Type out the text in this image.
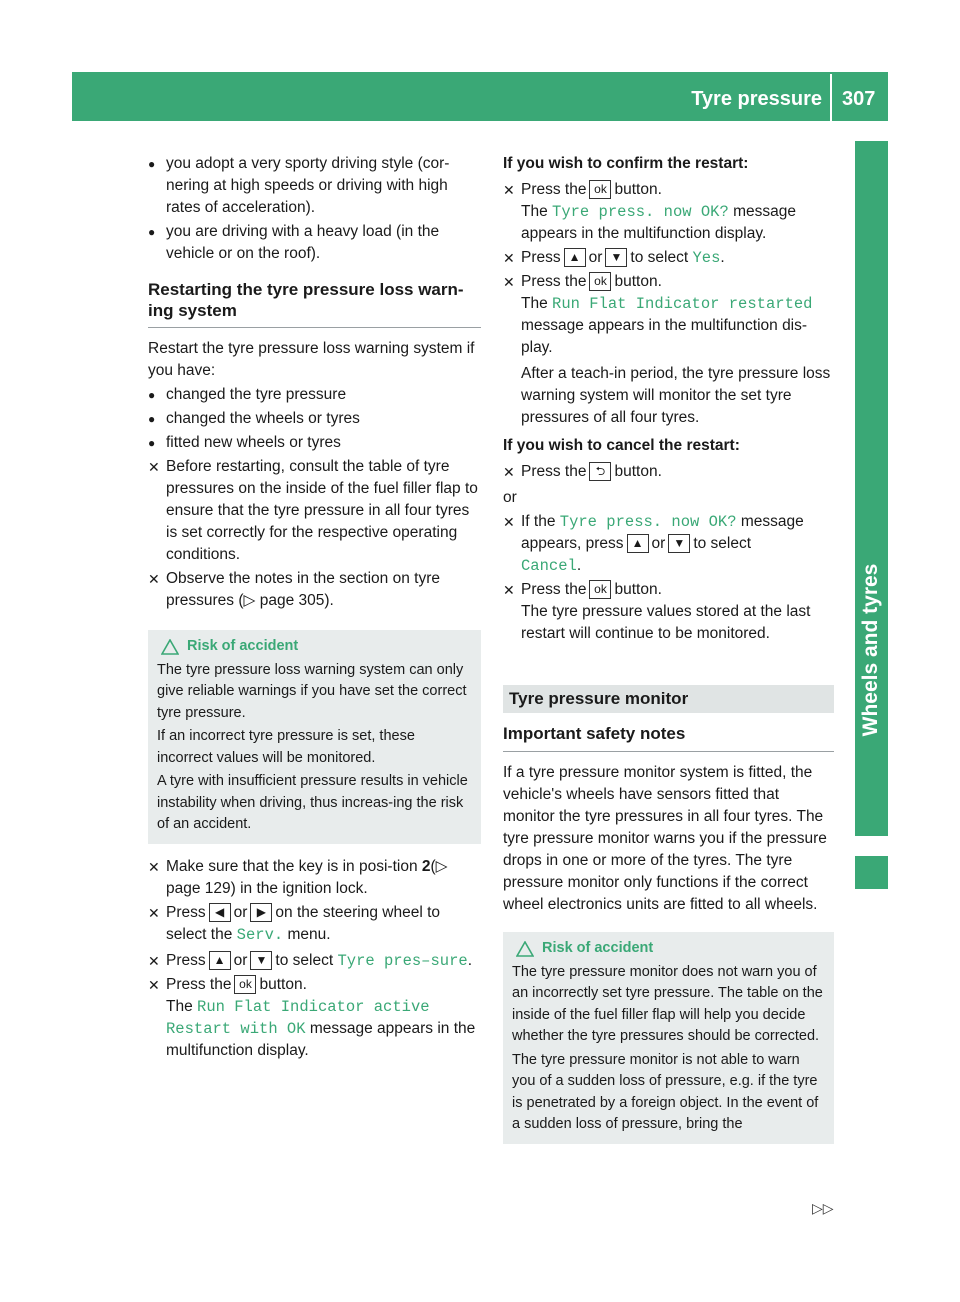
Tyre pressure 307
Wheels and tyres
● you adopt a very sporty driving style (cor-nering at high speeds or driving with high rates of acceleration).
● you are driving with a heavy load (in the vehicle or on the roof).
Restarting the tyre pressure loss warn-ing system

Restart the tyre pressure loss warning system if you have:

● changed the tyre pressure
● changed the wheels or tyres
● fitted new wheels or tyres
✕ Before restarting, consult the table of tyre pressures on the inside of the fuel filler flap to ensure that the tyre pressure in all four tyres is set correctly for the respective operating conditions.
✕ Observe the notes in the section on tyre pressures (▷ page 305).
Risk of accident
The tyre pressure loss warning system can only give reliable warnings if you have set the correct tyre pressure.
If an incorrect tyre pressure is set, these incorrect values will be monitored.
A tyre with insufficient pressure results in vehicle instability when driving, thus increas-ing the risk of an accident.
✕ Make sure that the key is in posi-tion 2(▷ page 129) in the ignition lock.
✕ Press ◀ or ▶ on the steering wheel to select the Serv. menu.
✕ Press ▲ or ▼ to select Tyre pres–sure.
✕ Press the ok button.
The Run Flat Indicator active Restart with OK message appears in the multifunction display.
If you wish to confirm the restart:
✕ Press the ok button.
The Tyre press. now OK? message appears in the multifunction display.
✕ Press ▲ or ▼ to select Yes.
✕ Press the ok button.
The Run Flat Indicator restarted message appears in the multifunction dis-play.
After a teach-in period, the tyre pressure loss warning system will monitor the set tyre pressures of all four tyres.
If you wish to cancel the restart:
✕ Press the ⮌ button.
or
✕ If the Tyre press. now OK? message appears, press ▲ or ▼ to select
Cancel.
✕ Press the ok button.
The tyre pressure values stored at the last restart will continue to be monitored.
Tyre pressure monitor
Important safety notes

If a tyre pressure monitor system is fitted, the vehicle's wheels have sensors fitted that monitor the tyre pressures in all four tyres. The tyre pressure monitor warns you if the pressure drops in one or more of the tyres. The tyre pressure monitor only functions if the correct wheel electronics units are fitted to all wheels.

Risk of accident
The tyre pressure monitor does not warn you of an incorrectly set tyre pressure. The table on the inside of the fuel filler flap will help you decide whether the tyre pressures should be corrected.
The tyre pressure monitor is not able to warn you of a sudden loss of pressure, e.g. if the tyre is penetrated by a foreign object. In the event of a sudden loss of pressure, bring the
▷▷
